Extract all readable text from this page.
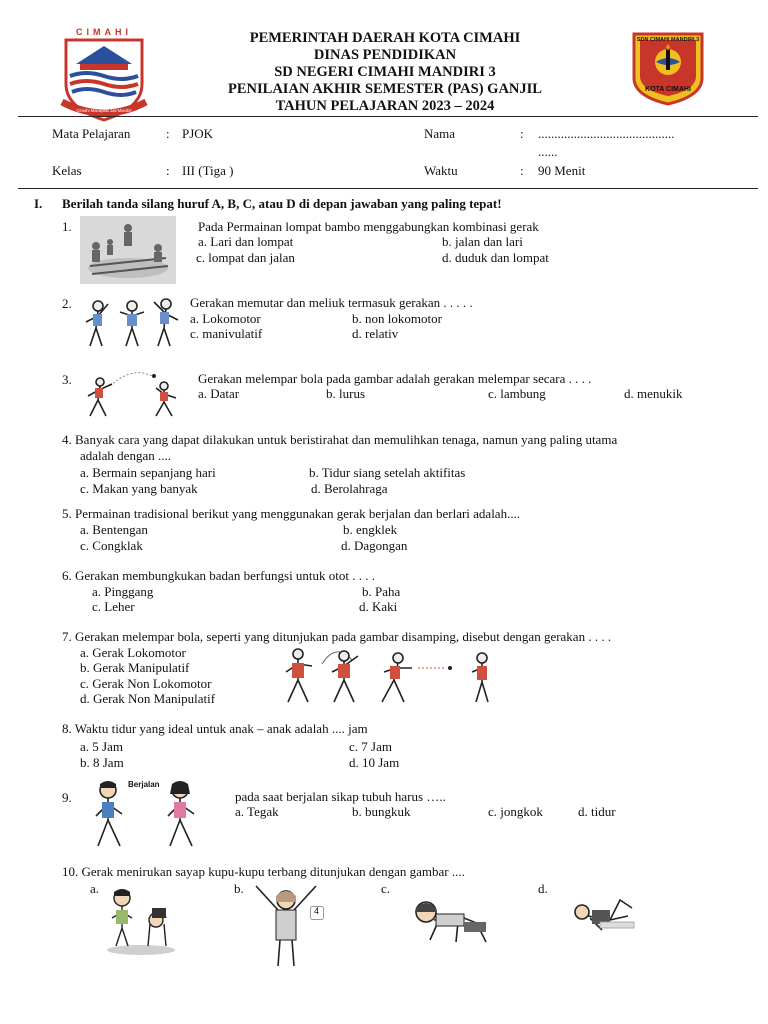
CIMAHI
Cimahi Manapaki Jati Mandiri
PEMERINTAH DAERAH KOTA CIMAHI
DINAS PENDIDIKAN
SD NEGERI CIMAHI MANDIRI 3
PENILAIAN AKHIR SEMESTER (PAS) GANJIL
TAHUN PELAJARAN 2023 – 2024
SDN CIMAHI MANDIRI 3
KOTA CIMAHI
Mata Pelajaran	: PJOK	Nama	: ..........................................
......
Kelas	: III (Tiga )	Waktu	: 90 Menit
I. Berilah tanda silang huruf A, B, C, atau D di depan jawaban yang paling tepat!
1.	Pada Permainan lompat bambo menggabungkan kombinasi gerak
a. Lari dan lompat	b. jalan dan lari
c. lompat dan jalan	d. duduk dan lompat
2.	Gerakan memutar dan meliuk termasuk gerakan . . . . .
a. Lokomotor	b. non lokomotor
c. manivulatif	d. relativ
3.	Gerakan melempar bola pada gambar adalah gerakan melempar secara . . . .
a. Datar	b. lurus	c. lambung	d. menukik
4. Banyak cara yang dapat dilakukan untuk beristirahat dan memulihkan tenaga, namun yang paling utama
adalah dengan ....
a. Bermain sepanjang hari	b. Tidur siang setelah aktifitas
c. Makan yang banyak	d. Berolahraga
5. Permainan tradisional berikut yang menggunakan gerak berjalan dan berlari adalah....
a. Bentengan	b. engklek
c. Congklak	d. Dagongan
6. Gerakan membungkukan badan berfungsi untuk otot . . . .
a. Pinggang	b. Paha
c. Leher	d. Kaki
7. Gerakan melempar bola, seperti yang ditunjukan pada gambar disamping, disebut dengan gerakan . . . .
a. Gerak Lokomotor
b. Gerak Manipulatif
c. Gerak Non Lokomotor
d. Gerak Non Manipulatif
8. Waktu tidur yang ideal untuk anak – anak adalah .... jam
a. 5 Jam	c. 7 Jam
b. 8 Jam	d. 10 Jam
9.
Berjalan
pada saat berjalan sikap tubuh harus …..
a. Tegak	b. bungkuk	c. jongkok	d. tidur
10. Gerak menirukan sayap kupu-kupu terbang ditunjukan dengan gambar ....
a.	b.	c.	d.
4
